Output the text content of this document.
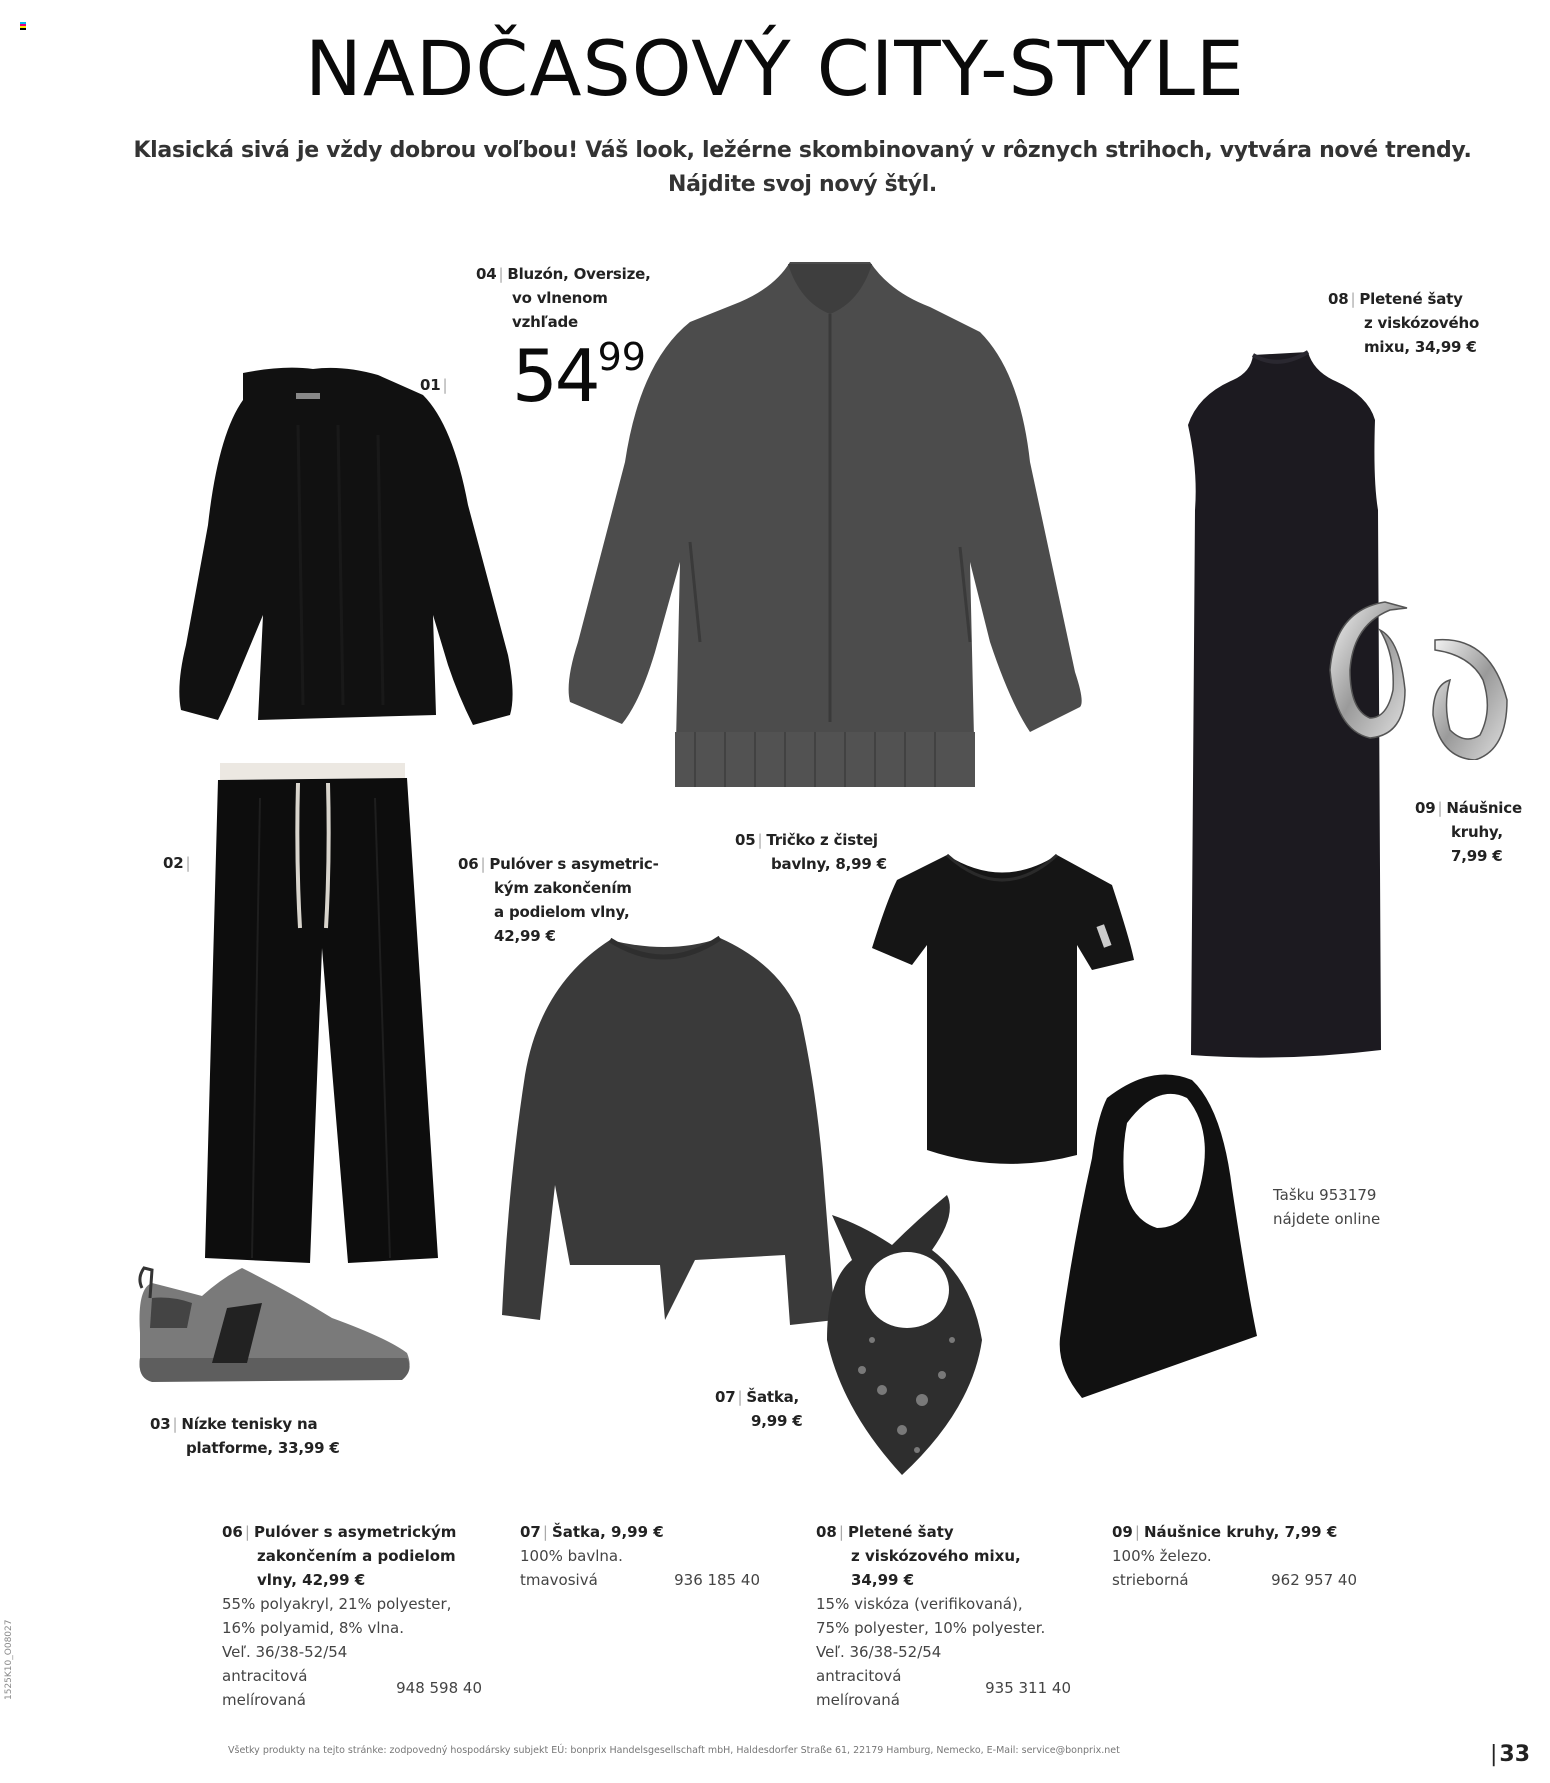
NADČASOVÝ CITY-STYLE

Klasická sivá je vždy dobrou voľbou! Váš look, ležérne skombinovaný v rôznych strihoch, vytvára nové trendy. Nájdite svoj nový štýl.

01 |
02 |
03 | Nízke tenisky na
platforme, 33,99 €
04 | Bluzón, Oversize,
vo vlnenom
vzhľade
5499
05 | Tričko z čistej
bavlny, 8,99 €
06 | Pulóver s asymetric-
kým zakončením
a podielom vlny,
42,99 €
07 | Šatka,
9,99 €
08 | Pletené šaty
z viskózového
mixu, 34,99 €
09 | Náušnice
kruhy,
7,99 €
Tašku 953179
nájdete online
06 | Pulóver s asymetrickým
zakončením a podielom
vlny, 42,99 €
55% polyakryl, 21% polyester,
16% polyamid, 8% vlna.
Veľ. 36/38-52/54
antracitová
melírovaná
948 598 40
07 | Šatka, 9,99 €
100% bavlna.
tmavosivá	936 185 40
08 | Pletené šaty
z viskózového mixu,
34,99 €
15% viskóza (verifikovaná),
75% polyester, 10% polyester.
Veľ. 36/38-52/54
antracitová
melírovaná
935 311 40
09 | Náušnice kruhy, 7,99 €
100% železo.
strieborná	962 957 40
Všetky produkty na tejto stránke: zodpovedný hospodársky subjekt EÚ: bonprix Handelsgesellschaft mbH, Haldesdorfer Straße 61, 22179 Hamburg, Nemecko, E-Mail: service@bonprix.net	|33
1525K10_O08027
